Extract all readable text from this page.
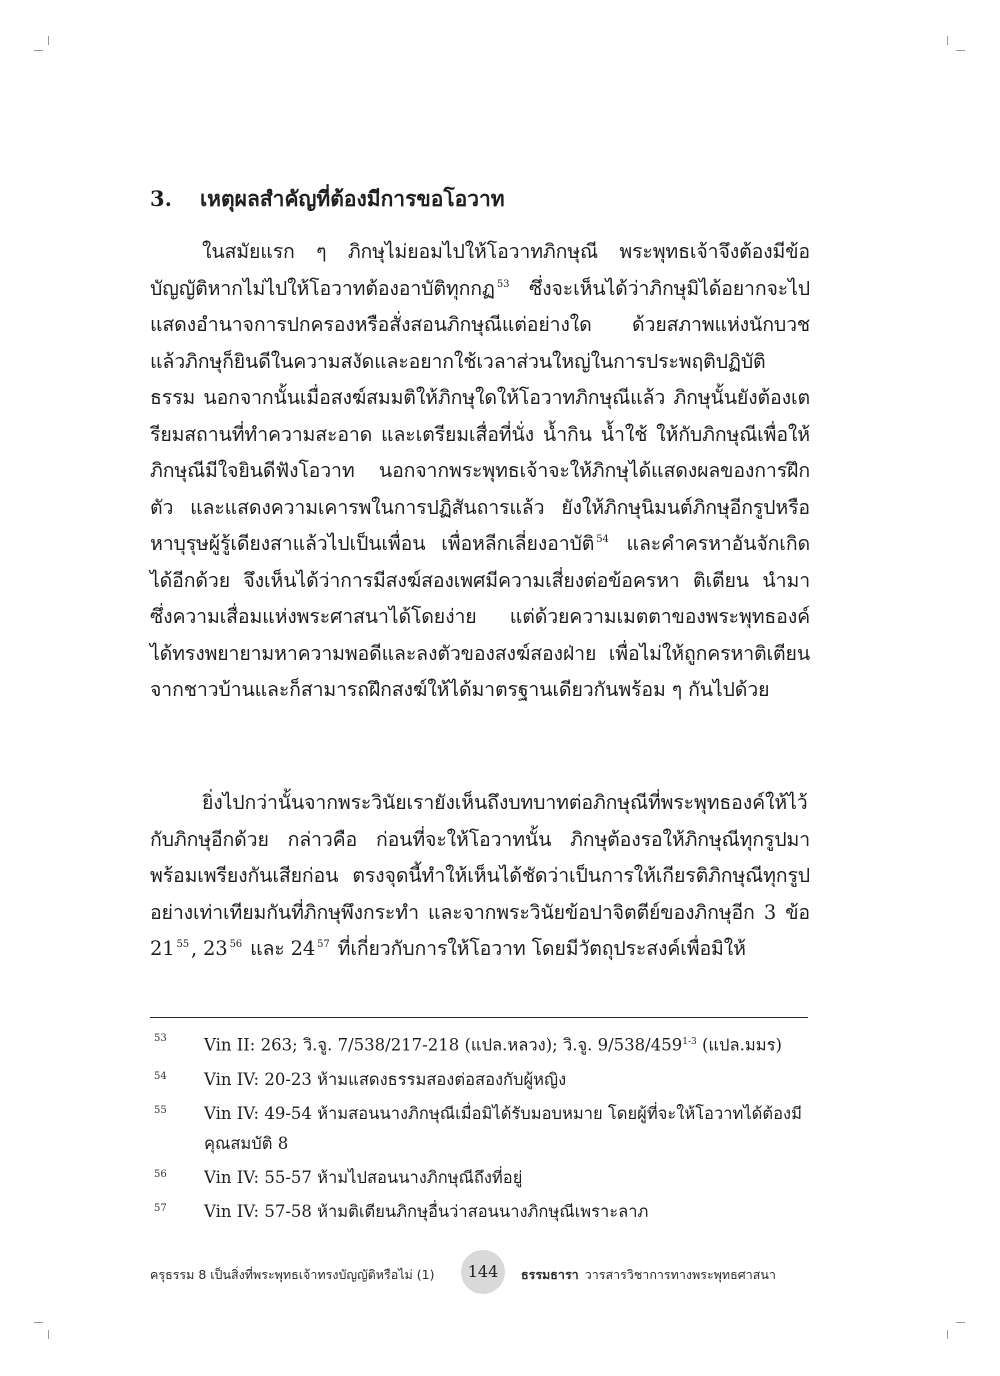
3. เหตุผลสำคัญที่ต้องมีการขอโอวาท
ในสมัยแรก ๆ ภิกษุไม่ยอมไปให้โอวาทภิกษุณี พระพุทธเจ้าจึงต้องมีข้อบัญญัติหากไม่ไปให้โอวาทต้องอาบัติทุกกฏ $^{53}$ ซึ่งจะเห็นได้ว่าภิกษุมิได้อยากจะไปแสดงอำนาจการปกครองหรือสั่งสอนภิกษุณีแต่อย่างใด ด้วยสภาพแห่งนักบวชแล้วภิกษุก็ยินดีในความสงัดและอยากใช้เวลาส่วนใหญ่ในการประพฤติปฏิบัติธรรม นอกจากนั้นเมื่อสงฆ์สมมติให้ภิกษุใดให้โอวาทภิกษุณีแล้ว ภิกษุนั้นยังต้องเตรียมสถานที่ทำความสะอาด และเตรียมเสื่อที่นั่ง น้ำกิน น้ำใช้ ให้กับภิกษุณีเพื่อให้ภิกษุณีมีใจยินดีฟังโอวาท นอกจากพระพุทธเจ้าจะให้ภิกษุได้แสดงผลของการฝึกตัว และแสดงความเคารพในการปฏิสันถารแล้ว ยังให้ภิกษุนิมนต์ภิกษุอีกรูปหรือหาบุรุษผู้รู้เดียงสาแล้วไปเป็นเพื่อน เพื่อหลีกเลี่ยงอาบัติ $^{54}$ และคำครหาอันจักเกิดได้อีกด้วย จึงเห็นได้ว่าการมีสงฆ์สองเพศมีความเสี่ยงต่อข้อครหา ติเตียน นำมาซึ่งความเสื่อมแห่งพระศาสนาได้โดยง่าย แต่ด้วยความเมตตาของพระพุทธองค์ ได้ทรงพยายามหาความพอดีและลงตัวของสงฆ์สองฝ่าย เพื่อไม่ให้ถูกครหาติเตียนจากชาวบ้านและก็สามารถฝึกสงฆ์ให้ได้มาตรฐานเดียวกันพร้อม ๆ กันไปด้วย
ยิ่งไปกว่านั้นจากพระวินัยเรายังเห็นถึงบทบาทต่อภิกษุณีที่พระพุทธองค์ให้ไว้กับภิกษุอีกด้วย กล่าวคือ ก่อนที่จะให้โอวาทนั้น ภิกษุต้องรอให้ภิกษุณีทุกรูปมาพร้อมเพรียงกันเสียก่อน ตรงจุดนี้ทำให้เห็นได้ชัดว่าเป็นการให้เกียรติภิกษุณีทุกรูปอย่างเท่าเทียมกันที่ภิกษุพึงกระทำ และจากพระวินัยข้อปาจิตตีย์ของภิกษุอีก 3 ข้อ 21 $^{55}$ , 23 $^{56}$ และ 24 $^{57}$ ที่เกี่ยวกับการให้โอวาท โดยมีวัตถุประสงค์เพื่อมิให้
53 Vin II: 263; วิ.จู. 7/538/217-218 (แปล.หลวง); วิ.จู. 9/538/459$^{1-3}$ (แปล.มมร)
54 Vin IV: 20-23 ห้ามแสดงธรรมสองต่อสองกับผู้หญิง
55 Vin IV: 49-54 ห้ามสอนนางภิกษุณีเมื่อมิได้รับมอบหมาย โดยผู้ที่จะให้โอวาทได้ต้องมีคุณสมบัติ 8
56 Vin IV: 55-57 ห้ามไปสอนนางภิกษุณีถึงที่อยู่
57 Vin IV: 57-58 ห้ามติเตียนภิกษุอื่นว่าสอนนางภิกษุณีเพราะลาภ
ครุธรรม 8 เป็นสิ่งที่พระพุทธเจ้าทรงบัญญัติหรือไม่ (1)	144	ธรรมธารา วารสารวิชาการทางพระพุทธศาสนา
